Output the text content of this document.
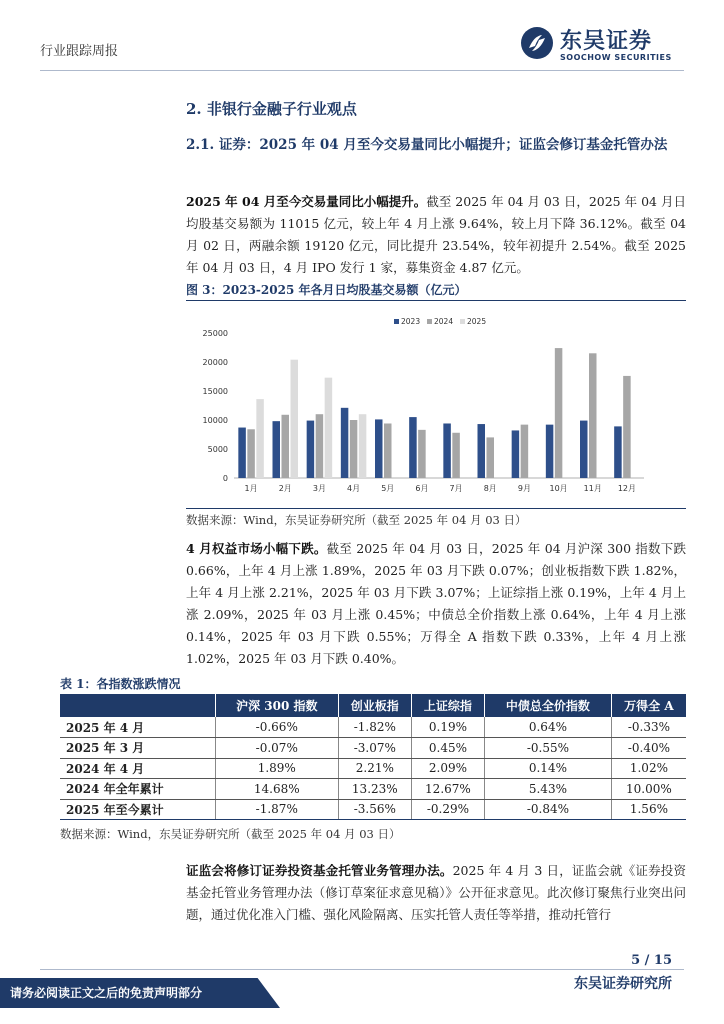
行业跟踪周报	东吴证券
SOOCHOW SECURITIES
2. 非银行金融子行业观点
2.1. 证券：2025 年 04 月至今交易量同比小幅提升；证监会修订基金托管办法
2025 年 04 月至今交易量同比小幅提升。截至 2025 年 04 月 03 日，2025 年 04 月日均股基交易额为 11015 亿元，较上年 4 月上涨 9.64%，较上月下降 36.12%。截至 04 月 02 日，两融余额 19120 亿元，同比提升 23.54%，较年初提升 2.54%。截至 2025 年 04 月 03 日，4 月 IPO 发行 1 家，募集资金 4.87 亿元。
图 3：2023-2025 年各月日均股基交易额（亿元）
0
5000
10000
15000
20000
25000
1月	2月	3月	4月	5月	6月	7月	8月	9月 10月 11月 12月
2023 2024 2025
数据来源：Wind，东吴证券研究所（截至 2025 年 04 月 03 日）
4 月权益市场小幅下跌。截至 2025 年 04 月 03 日，2025 年 04 月沪深 300 指数下跌 0.66%，上年 4 月上涨 1.89%，2025 年 03 月下跌 0.07%；创业板指数下跌 1.82%，上年 4 月上涨 2.21%，2025 年 03 月下跌 3.07%；上证综指上涨 0.19%，上年 4 月上涨 2.09%，2025 年 03 月上涨 0.45%；中债总全价指数上涨 0.64%，上年 4 月上涨 0.14%，2025 年 03 月下跌 0.55%；万得全 A 指数下跌 0.33%，上年 4 月上涨 1.02%，2025 年 03 月下跌 0.40%。
表 1：各指数涨跌情况
	沪深 300 指数	创业板指	上证综指	中债总全价指数	万得全 A
2025 年 4 月	-0.66%	-1.82%	0.19%	0.64%	-0.33%
2025 年 3 月	-0.07%	-3.07%	0.45%	-0.55%	-0.40%
2024 年 4 月	1.89%	2.21%	2.09%	0.14%	1.02%
2024 年全年累计	14.68%	13.23%	12.67%	5.43%	10.00%
2025 年至今累计	-1.87%	-3.56%	-0.29%	-0.84%	1.56%
数据来源：Wind，东吴证券研究所（截至 2025 年 04 月 03 日）
证监会将修订证券投资基金托管业务管理办法。2025 年 4 月 3 日，证监会就《证券投资基金托管业务管理办法（修订草案征求意见稿）》公开征求意见。此次修订聚焦行业突出问题，通过优化准入门槛、强化风险隔离、压实托管人责任等举措，推动托管行
5 / 15
东吴证券研究所
请务必阅读正文之后的免责声明部分
